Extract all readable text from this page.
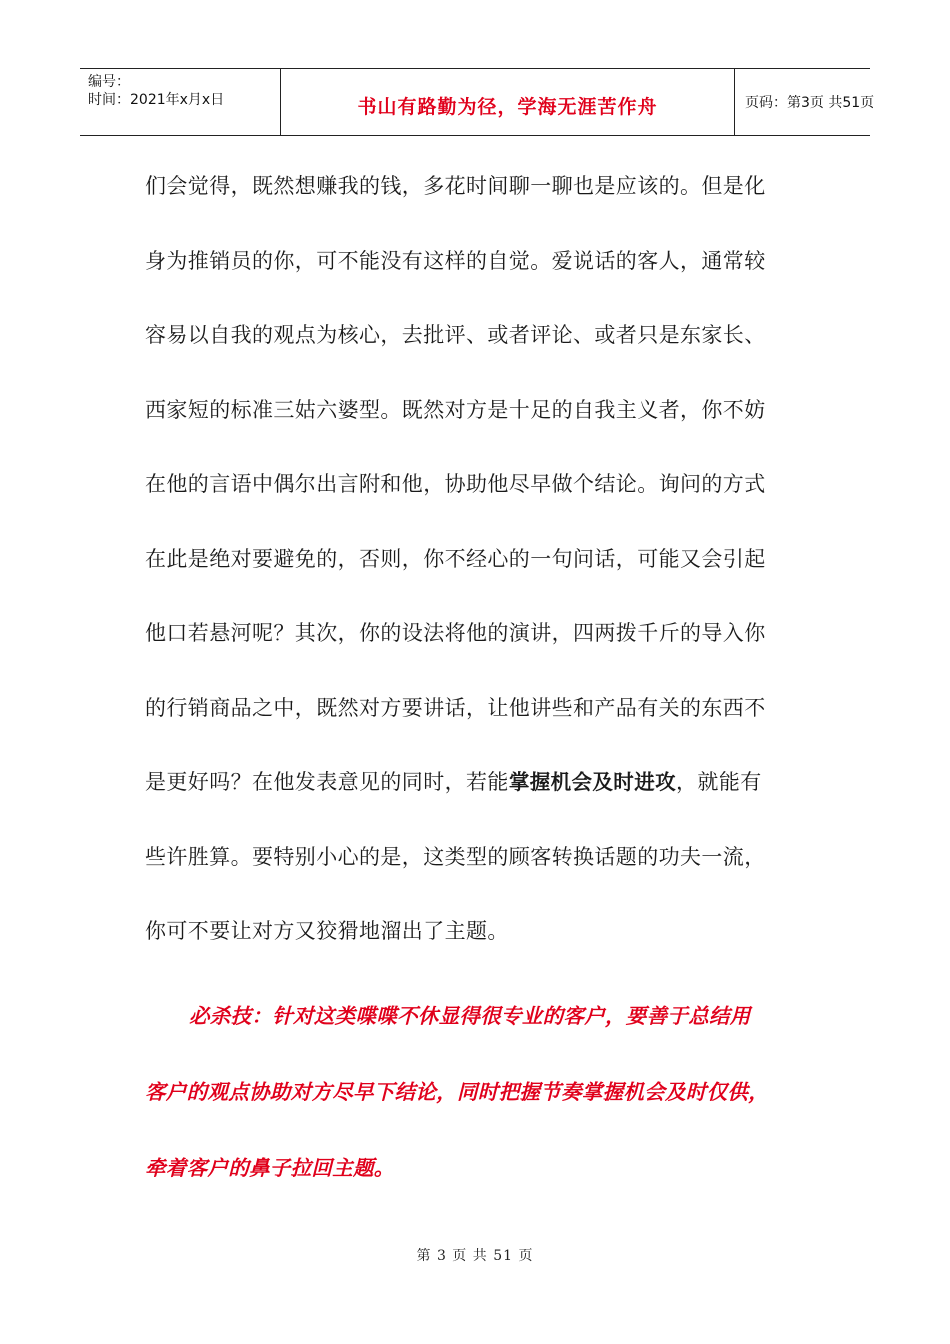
编号：
时间：2021年x月x日	书山有路勤为径，学海无涯苦作舟	页码：第3页 共51页
们会觉得，既然想赚我的钱，多花时间聊一聊也是应该的。但是化
身为推销员的你，可不能没有这样的自觉。爱说话的客人，通常较
容易以自我的观点为核心，去批评、或者评论、或者只是东家长、
西家短的标准三姑六婆型。既然对方是十足的自我主义者，你不妨
在他的言语中偶尔出言附和他，协助他尽早做个结论。询问的方式
在此是绝对要避免的，否则，你不经心的一句问话，可能又会引起
他口若悬河呢？其次，你的设法将他的演讲，四两拨千斤的导入你
的行销商品之中，既然对方要讲话，让他讲些和产品有关的东西不
是更好吗？在他发表意见的同时，若能掌握机会及时进攻，就能有
些许胜算。要特别小心的是，这类型的顾客转换话题的功夫一流，
你可不要让对方又狡猾地溜出了主题。
必杀技：针对这类喋喋不休显得很专业的客户，要善于总结用
客户的观点协助对方尽早下结论，同时把握节奏掌握机会及时仅供，
牵着客户的鼻子拉回主题。
第 3 页 共 51 页
